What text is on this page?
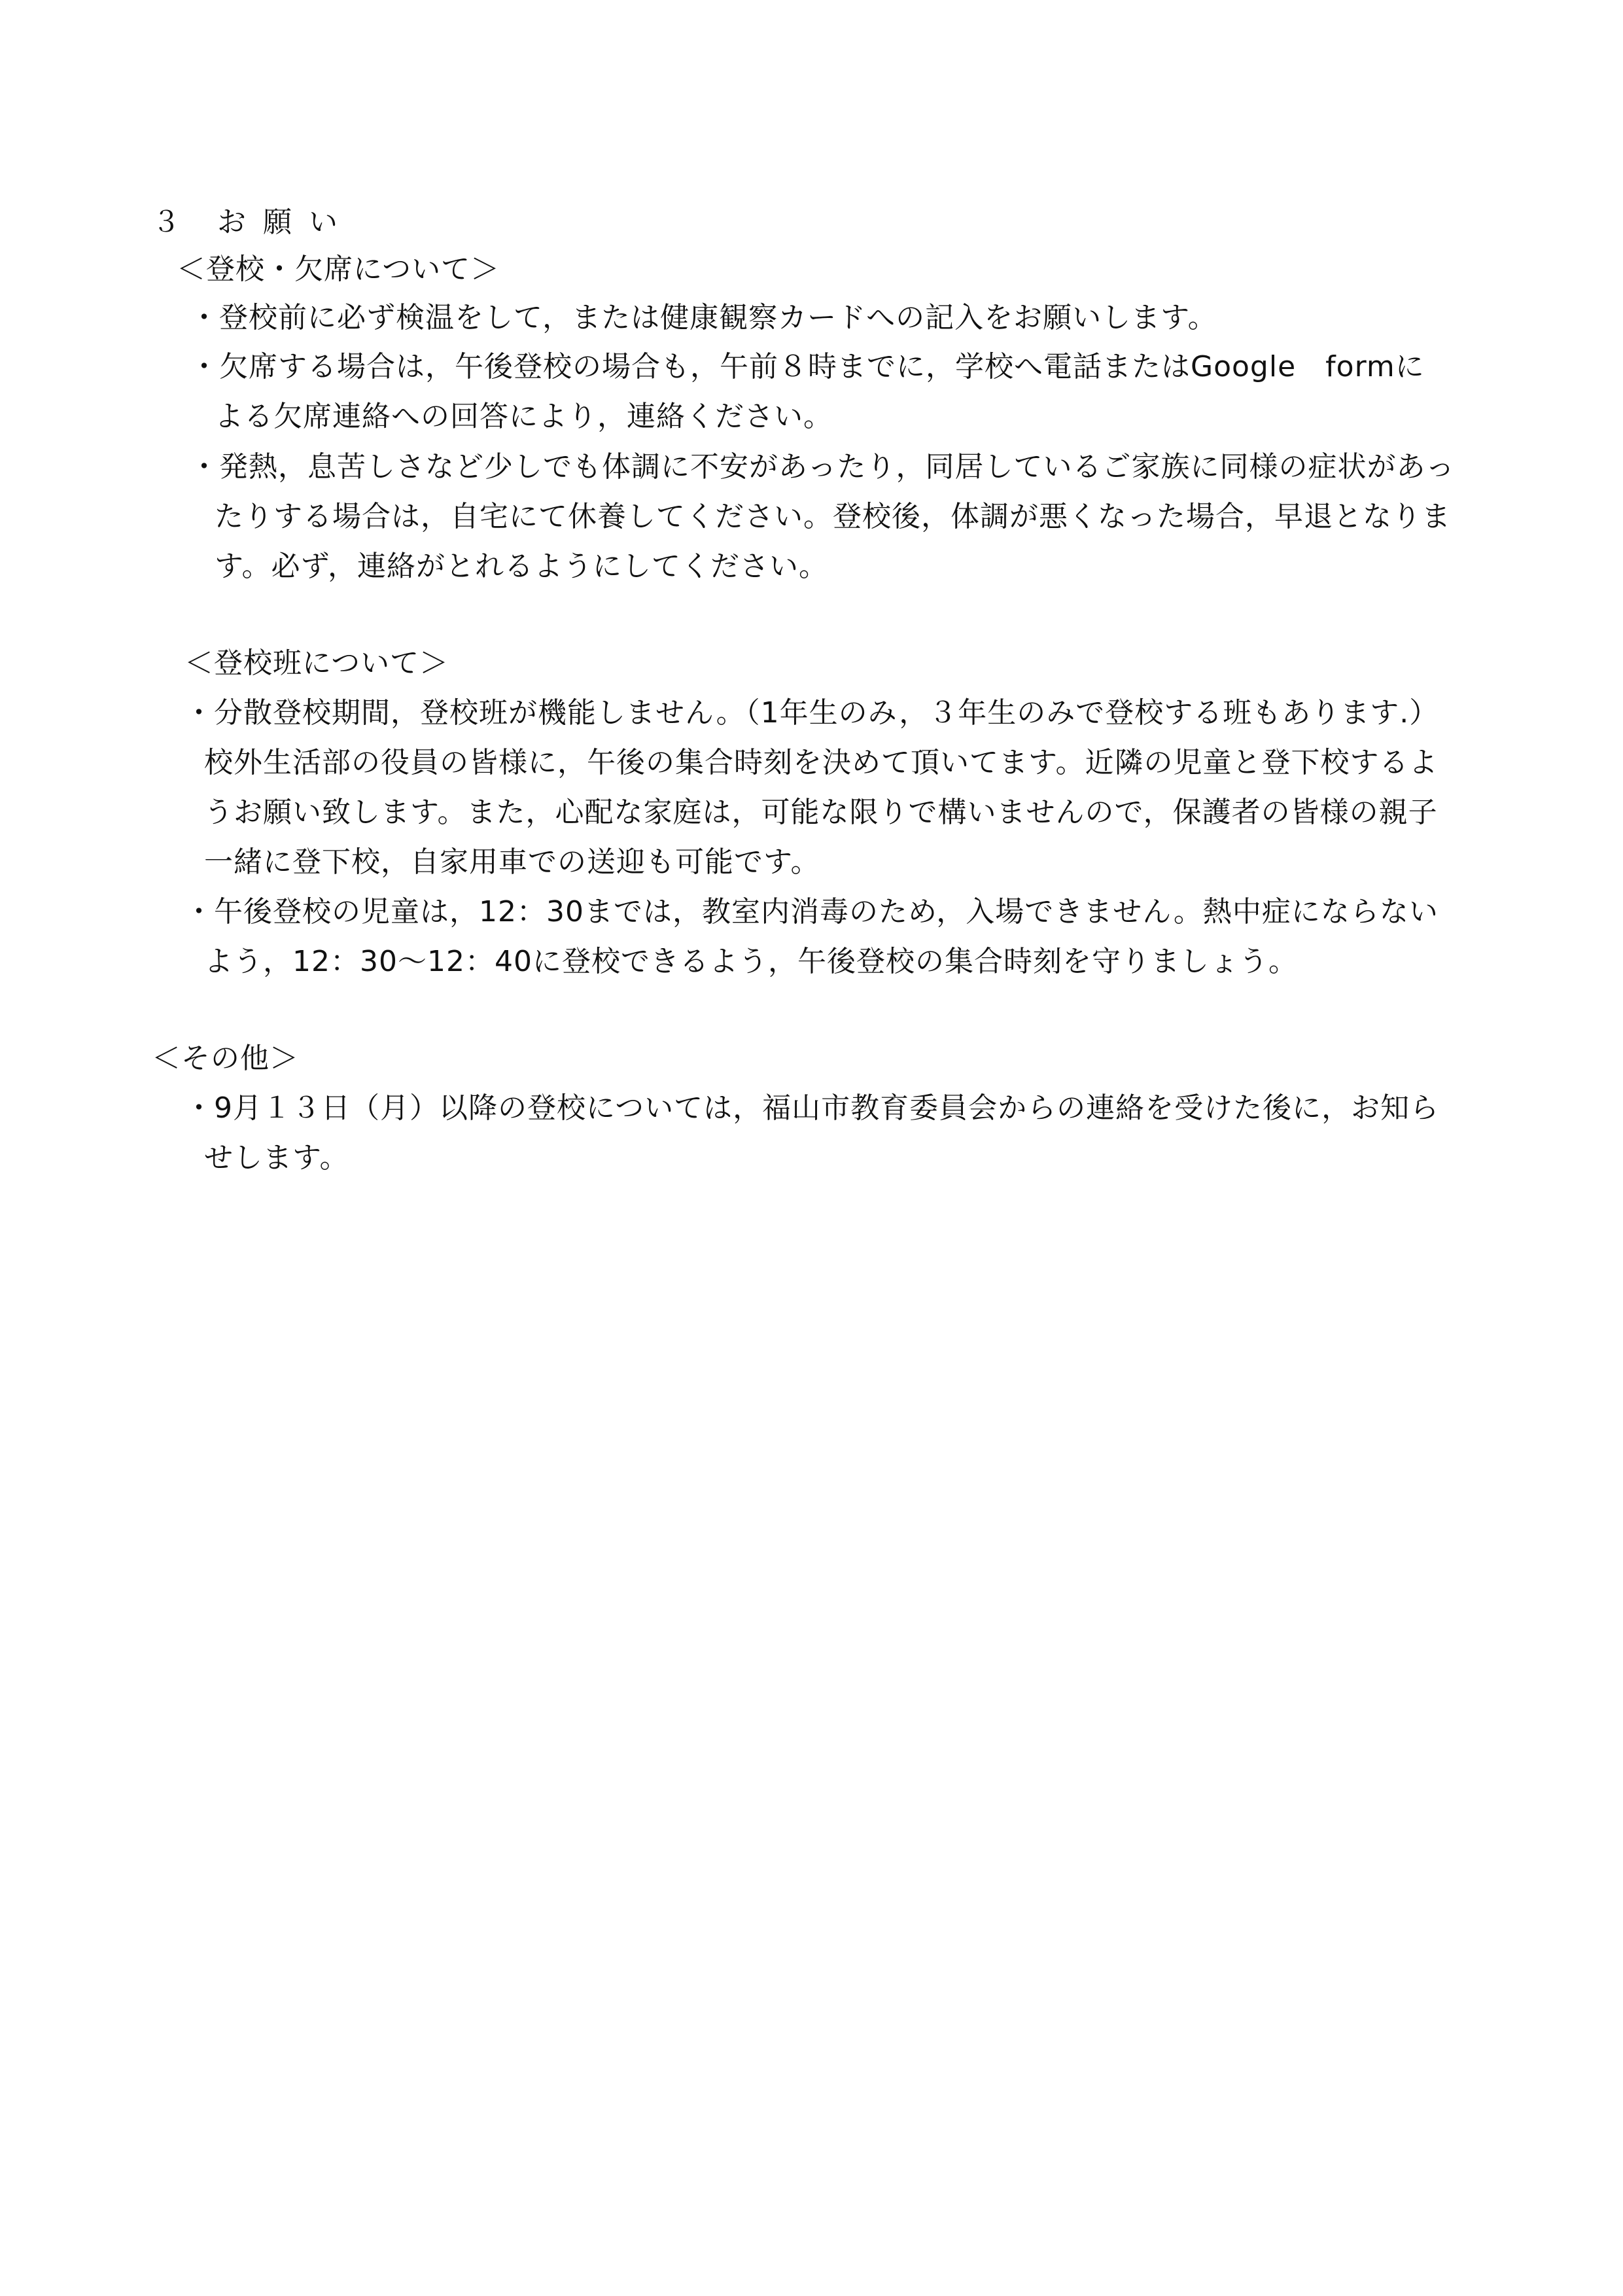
３　お 願 い
＜登校・欠席について＞
・登校前に必ず検温をして，または健康観察カードへの記入をお願いします。
・欠席する場合は，午後登校の場合も，午前８時までに，学校へ電話またはGoogle　formに
よる欠席連絡への回答により，連絡ください。
・発熱，息苦しさなど少しでも体調に不安があったり，同居しているご家族に同様の症状があっ
たりする場合は，自宅にて休養してください。登校後，体調が悪くなった場合，早退となりま
す。必ず，連絡がとれるようにしてください。
＜登校班について＞
・分散登校期間，登校班が機能しません。（1年生のみ，３年生のみで登校する班もあります.）
校外生活部の役員の皆様に，午後の集合時刻を決めて頂いてます。近隣の児童と登下校するよ
うお願い致します。また，心配な家庭は，可能な限りで構いませんので，保護者の皆様の親子
一緒に登下校，自家用車での送迎も可能です。
・午後登校の児童は，12：30までは，教室内消毒のため，入場できません。熱中症にならない
よう，12：30〜12：40に登校できるよう，午後登校の集合時刻を守りましょう。
＜その他＞
・9月１３日（月）以降の登校については，福山市教育委員会からの連絡を受けた後に，お知ら
せします。
